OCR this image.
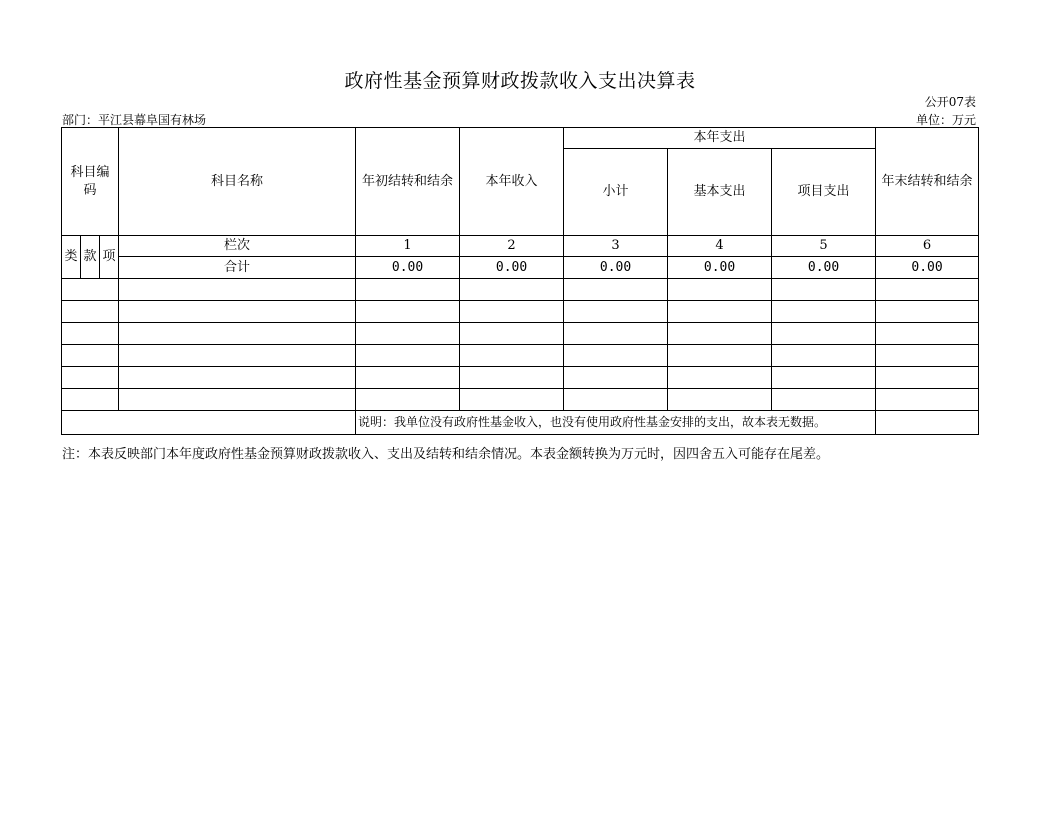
政府性基金预算财政拨款收入支出决算表
公开07表
部门：平江县幕阜国有林场	单位：万元
科目编码			科目名称	年初结转和结余	本年收入	本年支出			年末结转和结余
						小计	基本支出	项目支出	
类	款	项	栏次	1	2	3	4	5	6
			合计	0.00	0.00	0.00	0.00	0.00	0.00

				说明：我单位没有政府性基金收入，也没有使用政府性基金安排的支出，故本表无数据。					
注：本表反映部门本年度政府性基金预算财政拨款收入、支出及结转和结余情况。本表金额转换为万元时，因四舍五入可能存在尾差。
